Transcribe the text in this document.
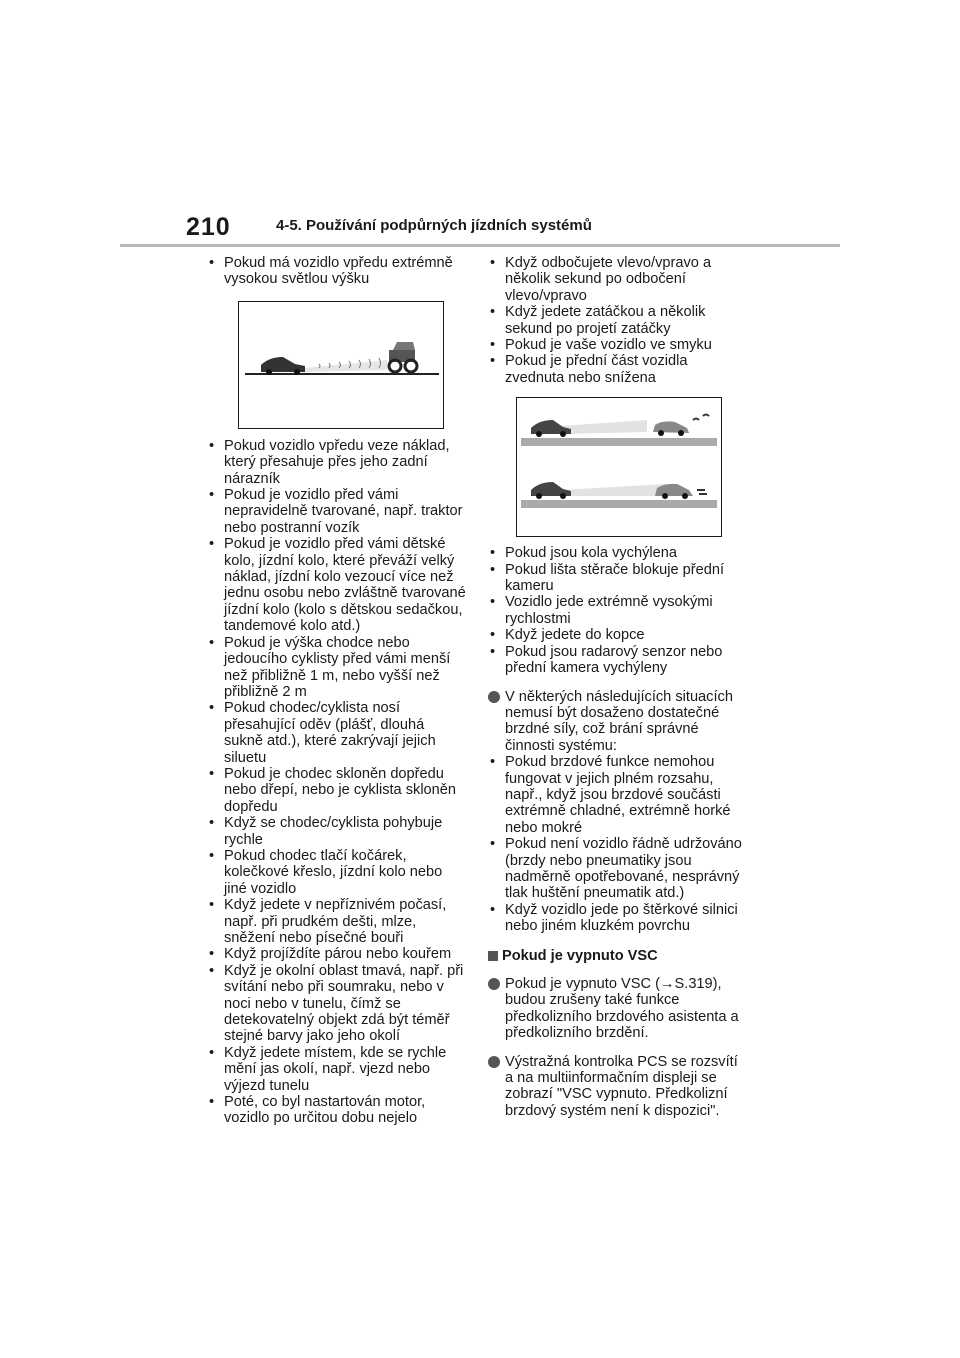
210	4-5. Používání podpůrných jízdních systémů
• Pokud má vozidlo vpředu extrémně vysokou světlou výšku
• Pokud vozidlo vpředu veze náklad, který přesahuje přes jeho zadní nárazník
• Pokud je vozidlo před vámi nepravidelně tvarované, např. traktor nebo postranní vozík
• Pokud je vozidlo před vámi dětské kolo, jízdní kolo, které převáží velký náklad, jízdní kolo vezoucí více než jednu osobu nebo zvláštně tvarované jízdní kolo (kolo s dětskou sedačkou, tandemové kolo atd.)
• Pokud je výška chodce nebo jedoucího cyklisty před vámi menší než přibližně 1 m, nebo vyšší než přibližně 2 m
• Pokud chodec/cyklista nosí přesahující oděv (plášť, dlouhá sukně atd.), které zakrývají jejich siluetu
• Pokud je chodec skloněn dopředu nebo dřepí, nebo je cyklista skloněn dopředu
• Když se chodec/cyklista pohybuje rychle
• Pokud chodec tlačí kočárek, kolečkové křeslo, jízdní kolo nebo jiné vozidlo
• Když jedete v nepříznivém počasí, např. při prudkém dešti, mlze, sněžení nebo písečné bouři
• Když projíždíte párou nebo kouřem
• Když je okolní oblast tmavá, např. při svítání nebo při soumraku, nebo v noci nebo v tunelu, čímž se detekovatelný objekt zdá být téměř stejné barvy jako jeho okolí
• Když jedete místem, kde se rychle mění jas okolí, např. vjezd nebo výjezd tunelu
• Poté, co byl nastartován motor, vozidlo po určitou dobu nejelo
• Když odbočujete vlevo/vpravo a několik sekund po odbočení vlevo/vpravo
• Když jedete zatáčkou a několik sekund po projetí zatáčky
• Pokud je vaše vozidlo ve smyku
• Pokud je přední část vozidla zvednuta nebo snížena
• Pokud jsou kola vychýlena
• Pokud lišta stěrače blokuje přední kameru
• Vozidlo jede extrémně vysokými rychlostmi
• Když jedete do kopce
• Pokud jsou radarový senzor nebo přední kamera vychýleny
V některých následujících situacích nemusí být dosaženo dostatečné brzdné síly, což brání správné činnosti systému:
• Pokud brzdové funkce nemohou fungovat v jejich plném rozsahu, např., když jsou brzdové součásti extrémně chladné, extrémně horké nebo mokré
• Pokud není vozidlo řádně udržováno (brzdy nebo pneumatiky jsou nadměrně opotřebované, nesprávný tlak huštění pneumatik atd.)
• Když vozidlo jede po štěrkové silnici nebo jiném kluzkém povrchu
Pokud je vypnuto VSC
Pokud je vypnuto VSC (→S.319), budou zrušeny také funkce předkolizního brzdového asistenta a předkolizního brzdění.
Výstražná kontrolka PCS se rozsvítí a na multiinformačním displeji se zobrazí "VSC vypnuto. Předkolizní brzdový systém není k dispozici".
